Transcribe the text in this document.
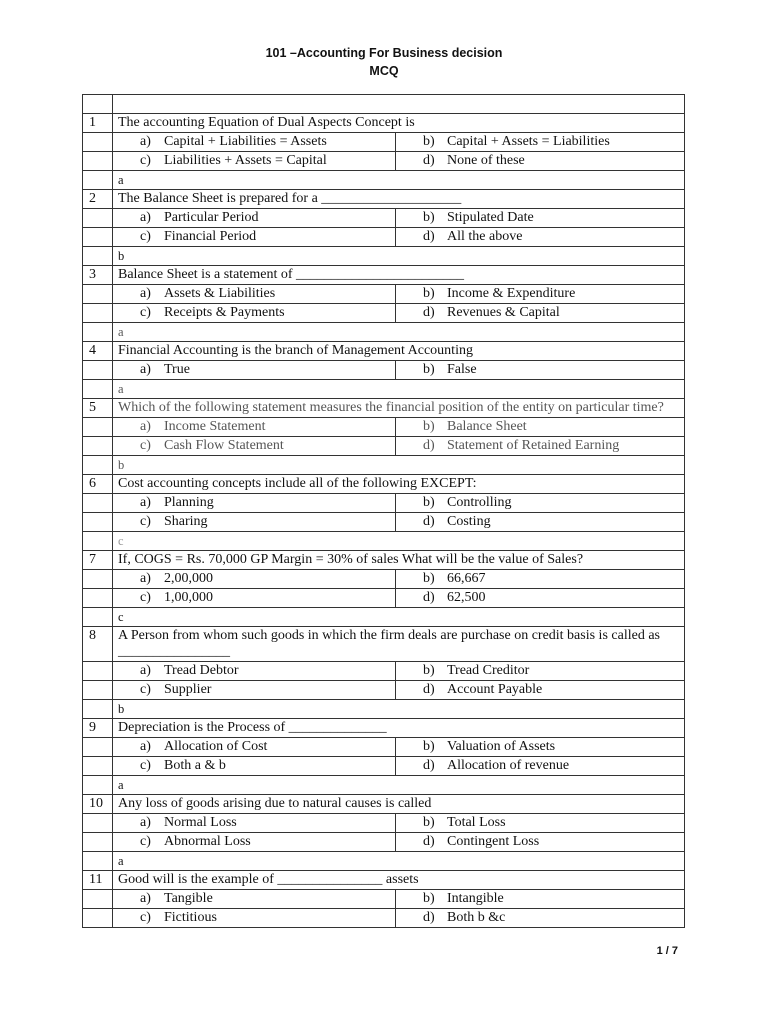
101 –Accounting For Business decision
MCQ

1	The accounting Equation of Dual Aspects Concept is	
	a) Capital + Liabilities = Assets	b) Capital + Assets = Liabilities
	c) Liabilities + Assets = Capital	d) None of these
	a	
2	The Balance Sheet is prepared for a ____________________	
	a) Particular Period	b) Stipulated Date
	c) Financial Period	d) All the above
	b	
3	Balance Sheet is a statement of ________________________	
	a) Assets & Liabilities	b) Income & Expenditure
	c) Receipts & Payments	d) Revenues & Capital
	a	
4	Financial Accounting is the branch of Management Accounting	
	a) True	b) False
	a	
5	Which of the following statement measures the financial position of the entity on particular time?	
	a) Income Statement	b) Balance Sheet
	c) Cash Flow Statement	d) Statement of Retained Earning
	b	
6	Cost accounting concepts include all of the following EXCEPT:	
	a) Planning	b) Controlling
	c) Sharing	d) Costing
	c	
7	If, COGS = Rs. 70,000 GP Margin = 30% of sales What will be the value of Sales?	
	a) 2,00,000	b) 66,667
	c) 1,00,000	d) 62,500
	c	
8	A Person from whom such goods in which the firm deals are purchase on credit basis is called as ________________	
	a) Tread Debtor	b) Tread Creditor
	c) Supplier	d) Account Payable
	b	
9	Depreciation is the Process of ______________	
	a) Allocation of Cost	b) Valuation of Assets
	c) Both a & b	d) Allocation of revenue
	a	
10	Any loss of goods arising due to natural causes is called	
	a) Normal Loss	b) Total Loss
	c) Abnormal Loss	d) Contingent Loss
	a	
11	Good will is the example of _______________ assets	
	a) Tangible	b) Intangible
	c) Fictitious	d) Both b &c
1 / 7
